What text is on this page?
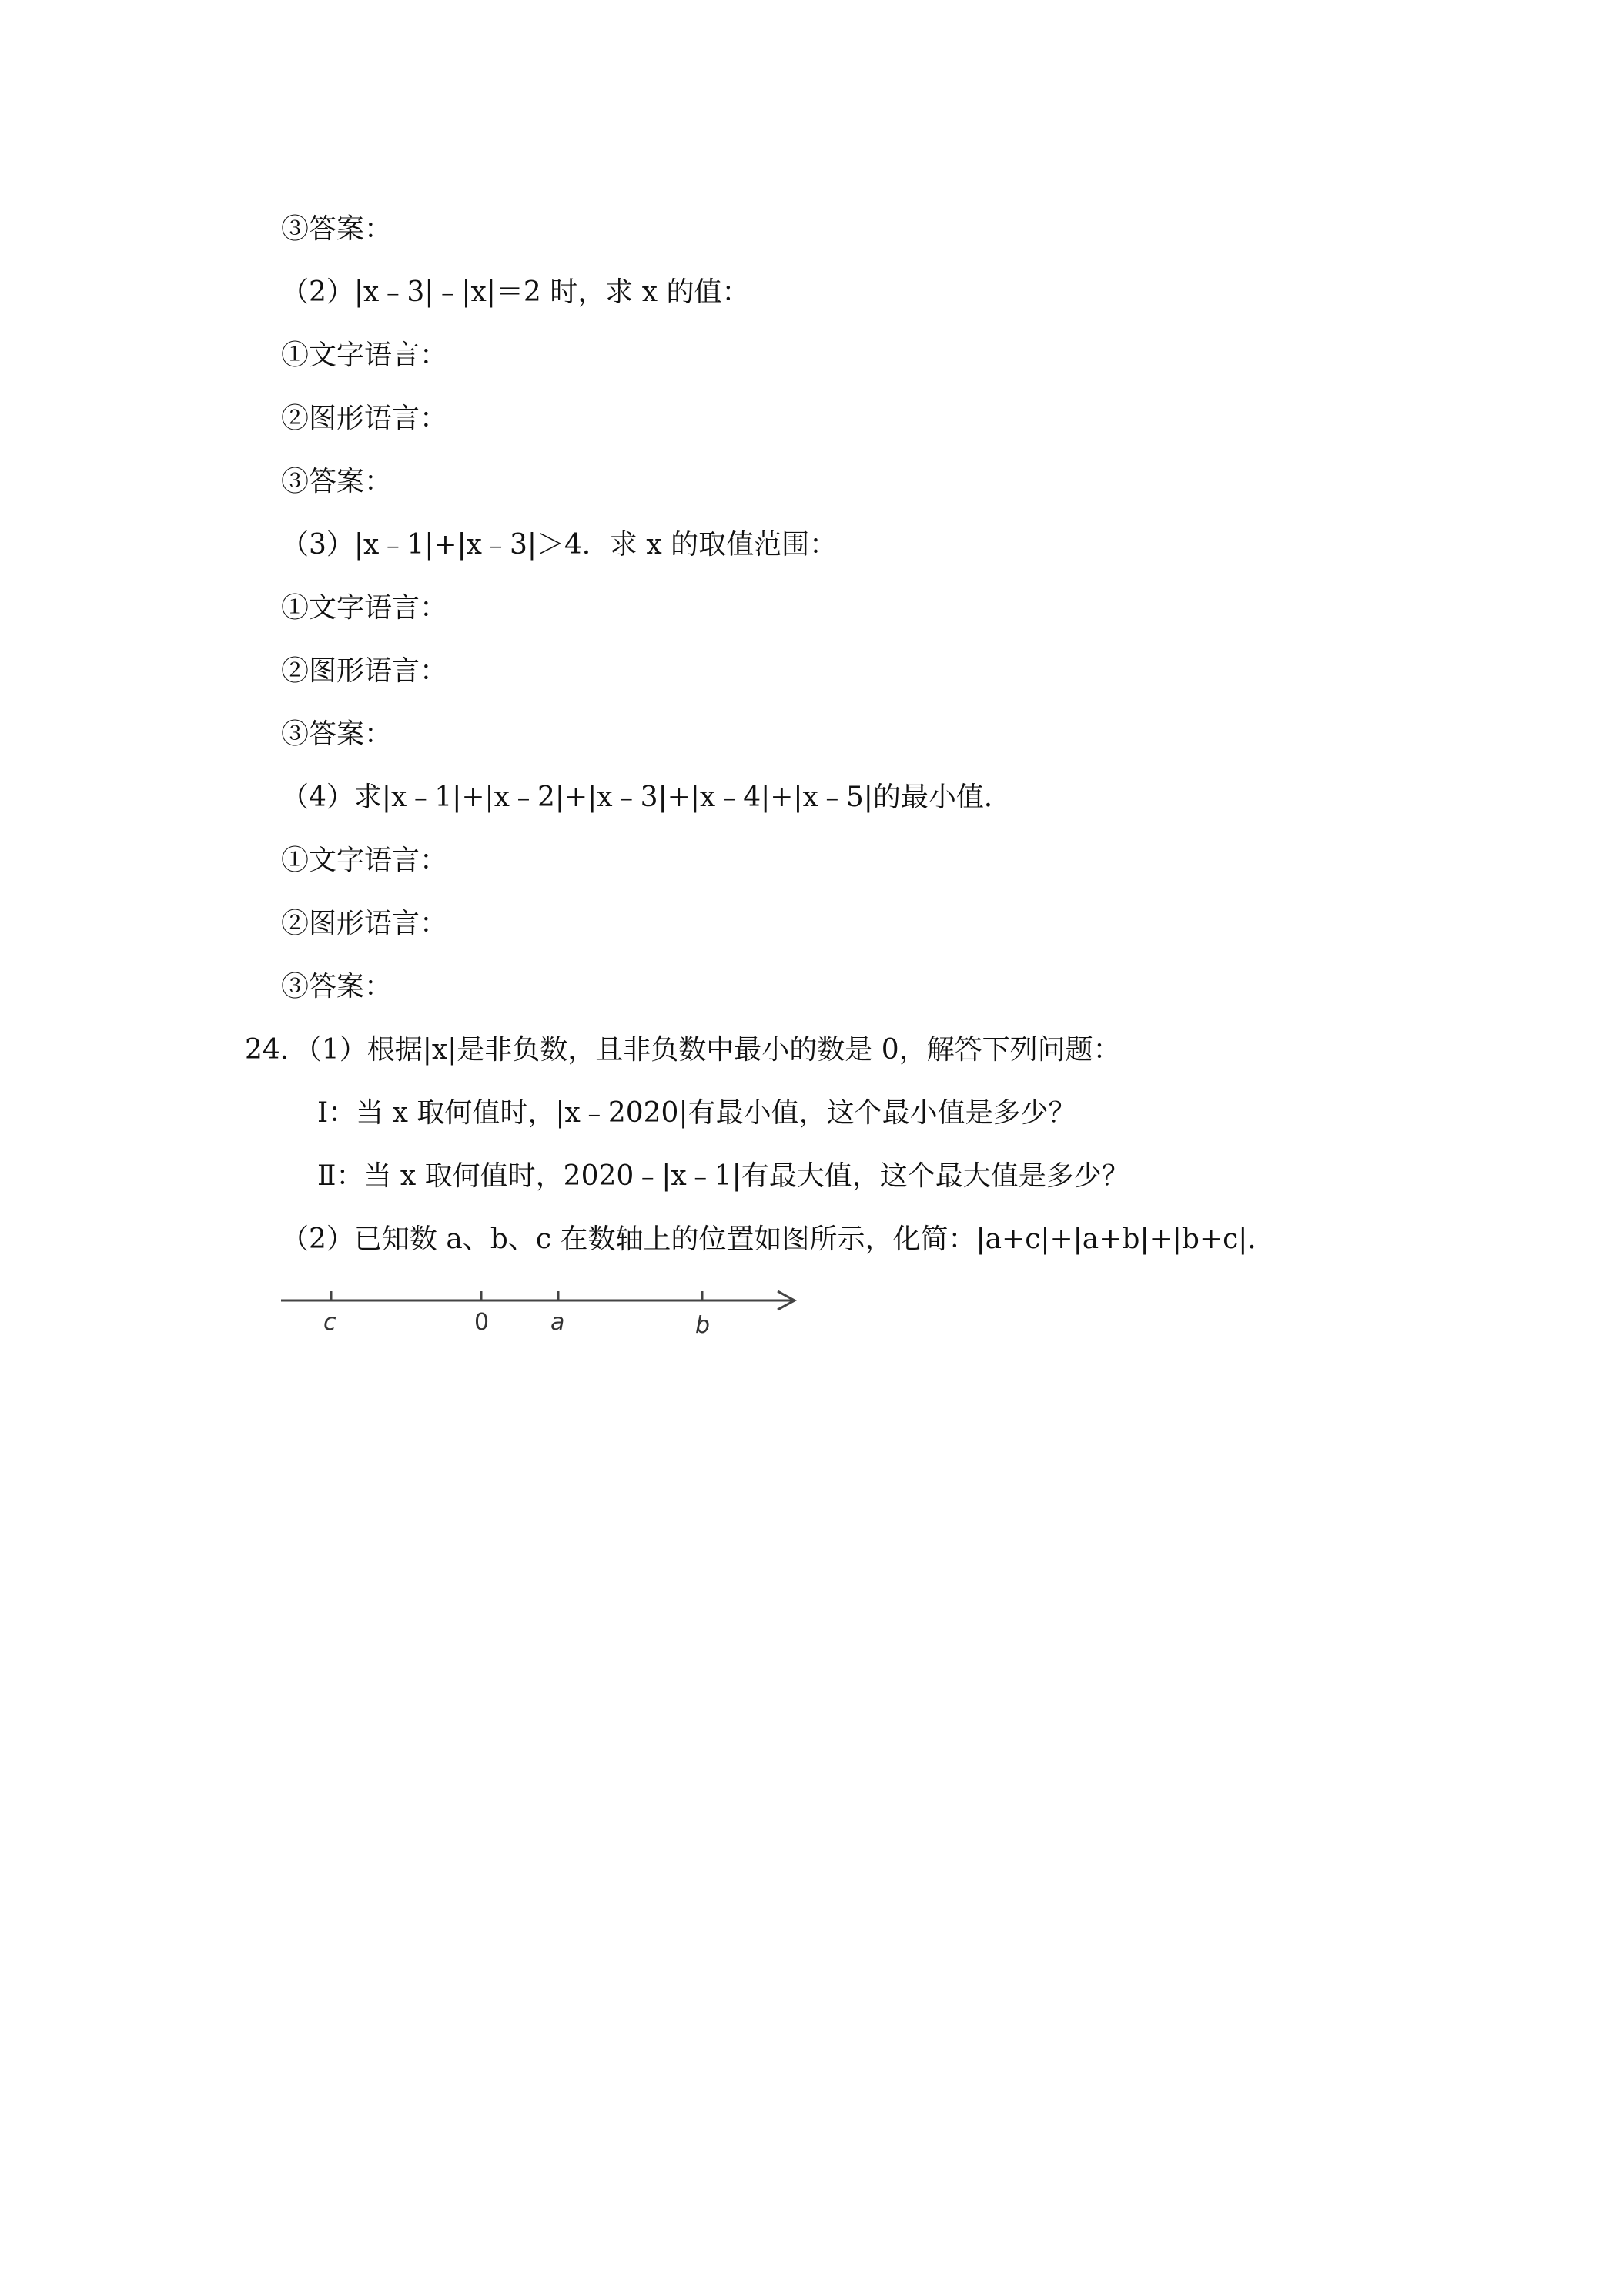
③答案：
（2）|x﹣3|﹣|x|＝2 时，求 x 的值：
①文字语言：
②图形语言：
③答案：
（3）|x﹣1|+|x﹣3|＞4．求 x 的取值范围：
①文字语言：
②图形语言：
③答案：
（4）求|x﹣1|+|x﹣2|+|x﹣3|+|x﹣4|+|x﹣5|的最小值．
①文字语言：
②图形语言：
③答案：
24．（1）根据|x|是非负数，且非负数中最小的数是 0，解答下列问题：
Ⅰ：当 x 取何值时，|x﹣2020|有最小值，这个最小值是多少？
Ⅱ：当 x 取何值时，2020﹣|x﹣1|有最大值，这个最大值是多少？
（2）已知数 a、b、c 在数轴上的位置如图所示，化简：|a+c|+|a+b|+|b+c|．
c	0	a	b
